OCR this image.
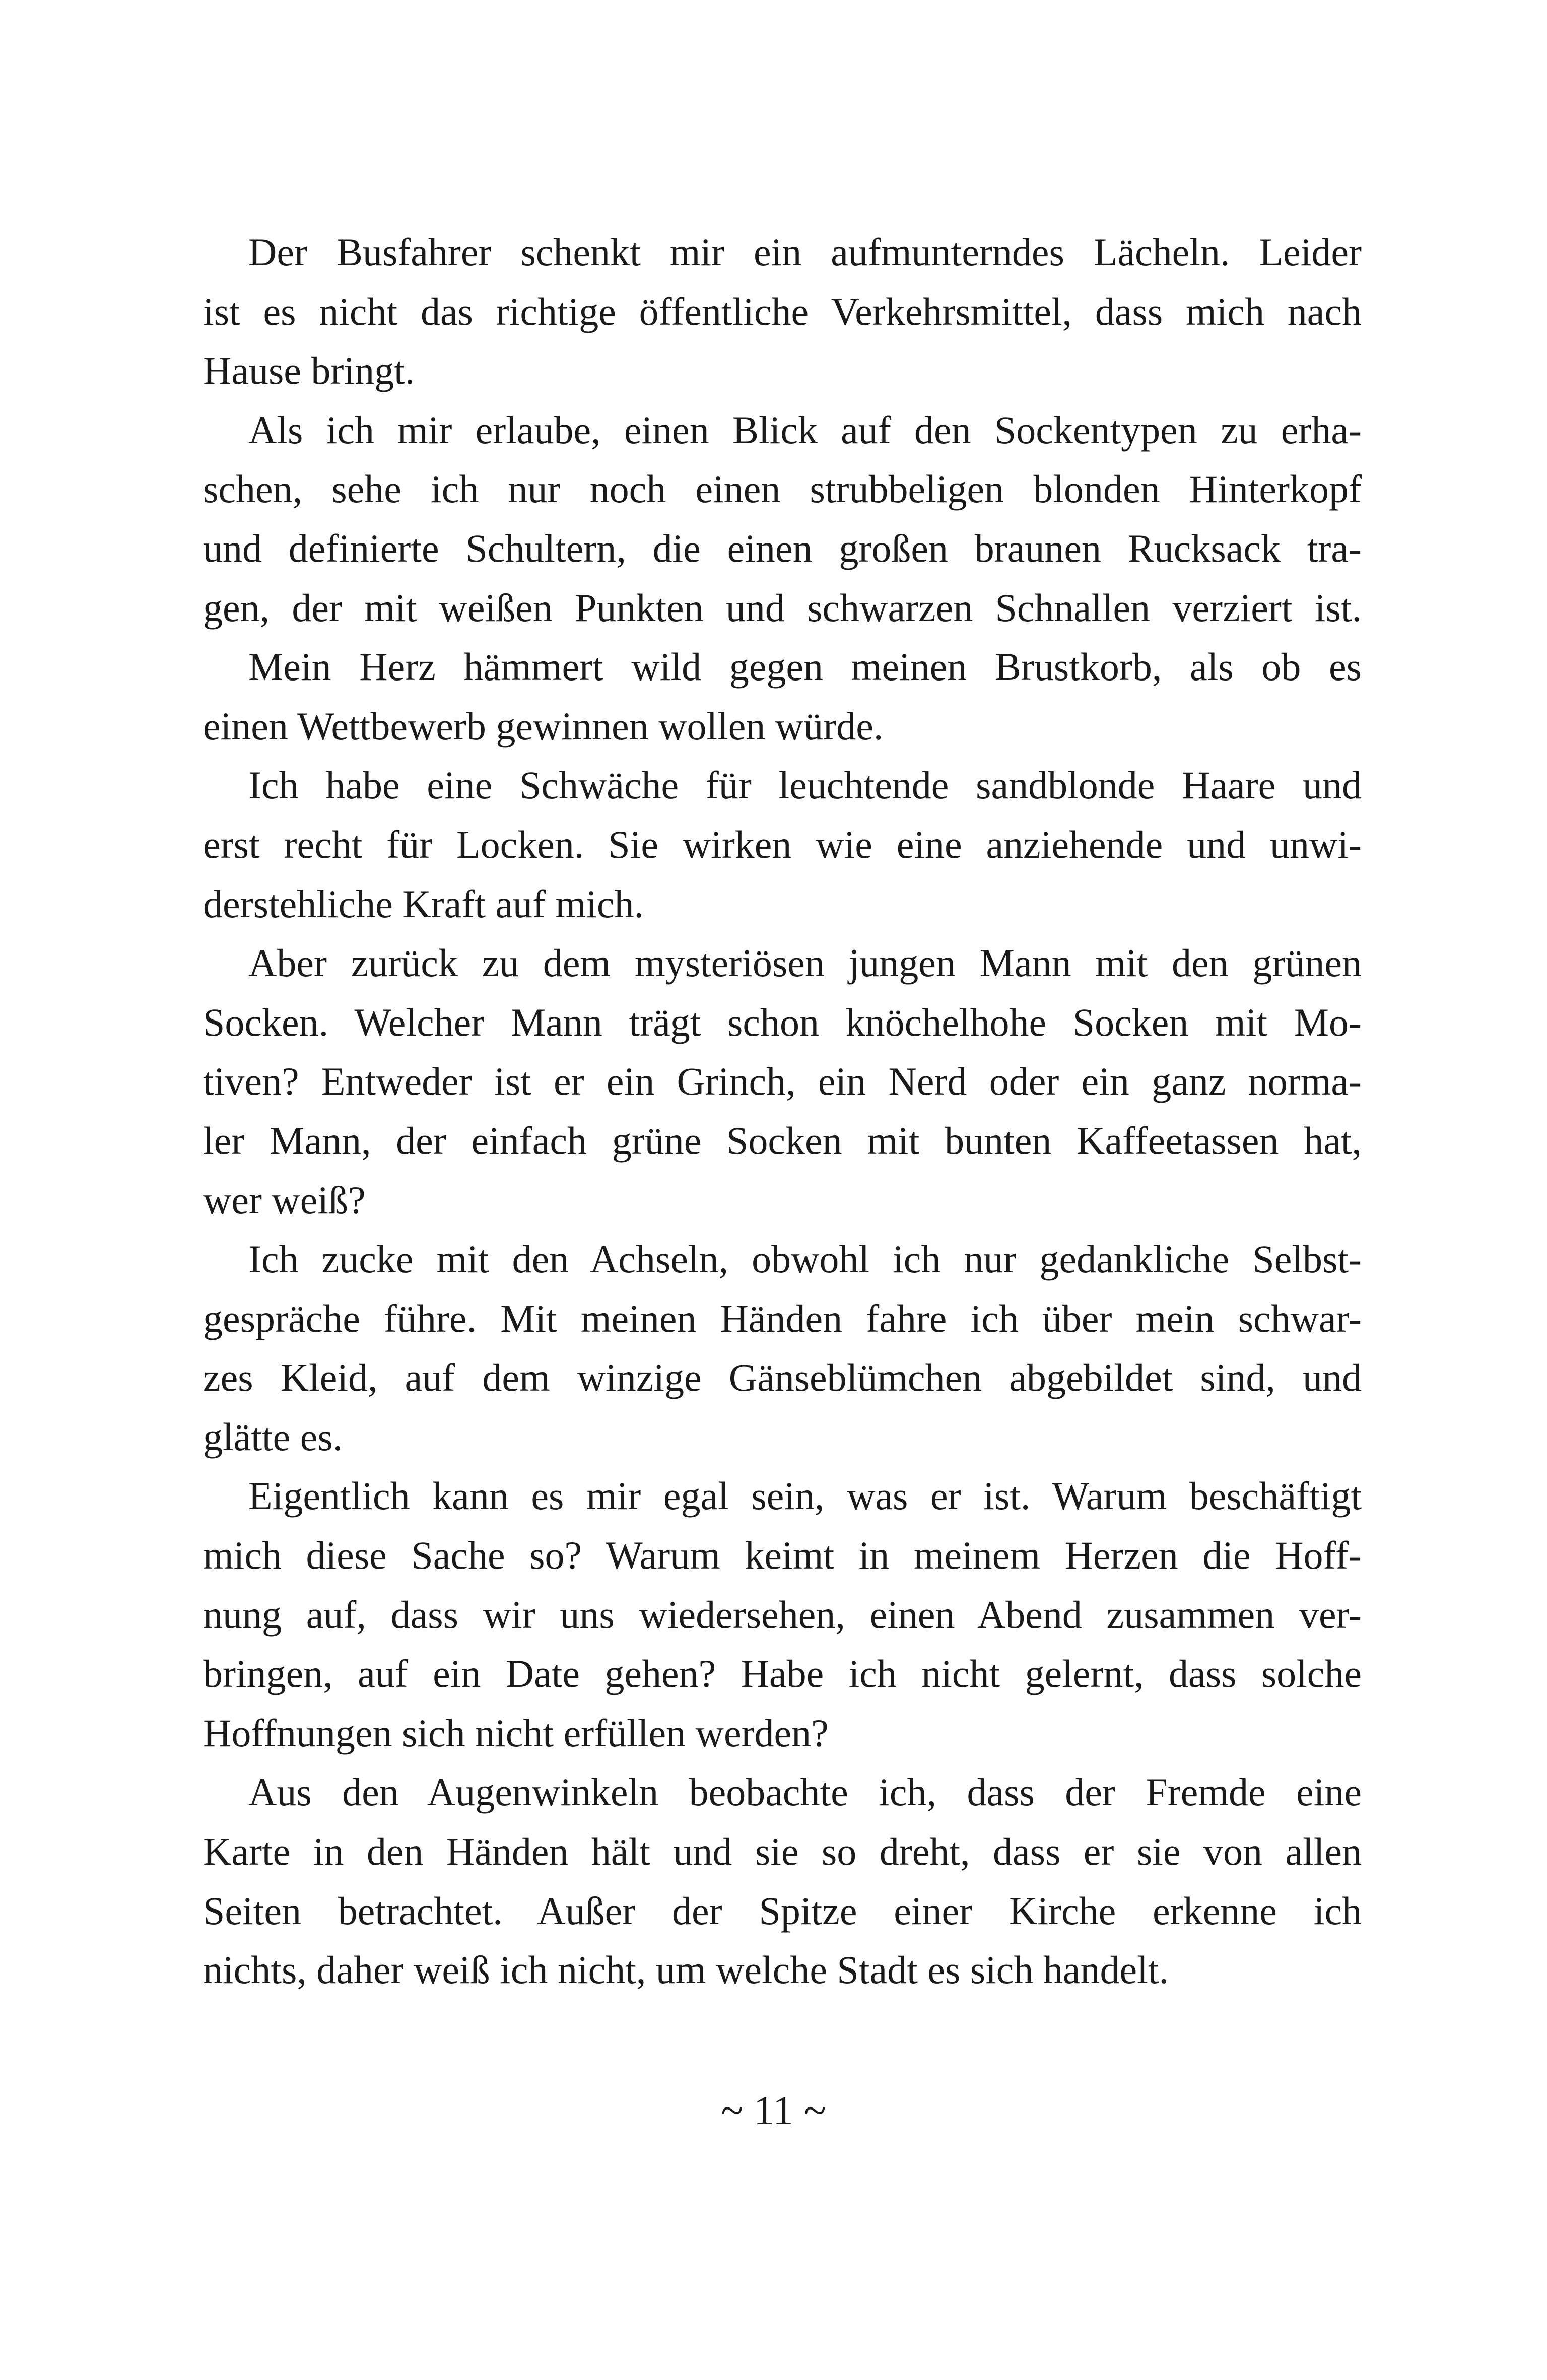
Der Busfahrer schenkt mir ein aufmunterndes Lächeln. Leider
ist es nicht das richtige öffentliche Verkehrsmittel, dass mich nach
Hause bringt.
Als ich mir erlaube, einen Blick auf den Sockentypen zu erha-
schen, sehe ich nur noch einen strubbeligen blonden Hinterkopf
und definierte Schultern, die einen großen braunen Rucksack tra-
gen, der mit weißen Punkten und schwarzen Schnallen verziert ist.
Mein Herz hämmert wild gegen meinen Brustkorb, als ob es
einen Wettbewerb gewinnen wollen würde.
Ich habe eine Schwäche für leuchtende sandblonde Haare und
erst recht für Locken. Sie wirken wie eine anziehende und unwi-
derstehliche Kraft auf mich.
Aber zurück zu dem mysteriösen jungen Mann mit den grünen
Socken. Welcher Mann trägt schon knöchelhohe Socken mit Mo-
tiven? Entweder ist er ein Grinch, ein Nerd oder ein ganz norma-
ler Mann, der einfach grüne Socken mit bunten Kaffeetassen hat,
wer weiß?
Ich zucke mit den Achseln, obwohl ich nur gedankliche Selbst-
gespräche führe. Mit meinen Händen fahre ich über mein schwar-
zes Kleid, auf dem winzige Gänseblümchen abgebildet sind, und
glätte es.
Eigentlich kann es mir egal sein, was er ist. Warum beschäftigt
mich diese Sache so? Warum keimt in meinem Herzen die Hoff-
nung auf, dass wir uns wiedersehen, einen Abend zusammen ver-
bringen, auf ein Date gehen? Habe ich nicht gelernt, dass solche
Hoffnungen sich nicht erfüllen werden?
Aus den Augenwinkeln beobachte ich, dass der Fremde eine
Karte in den Händen hält und sie so dreht, dass er sie von allen
Seiten betrachtet. Außer der Spitze einer Kirche erkenne ich
nichts, daher weiß ich nicht, um welche Stadt es sich handelt.
~ 11 ~
